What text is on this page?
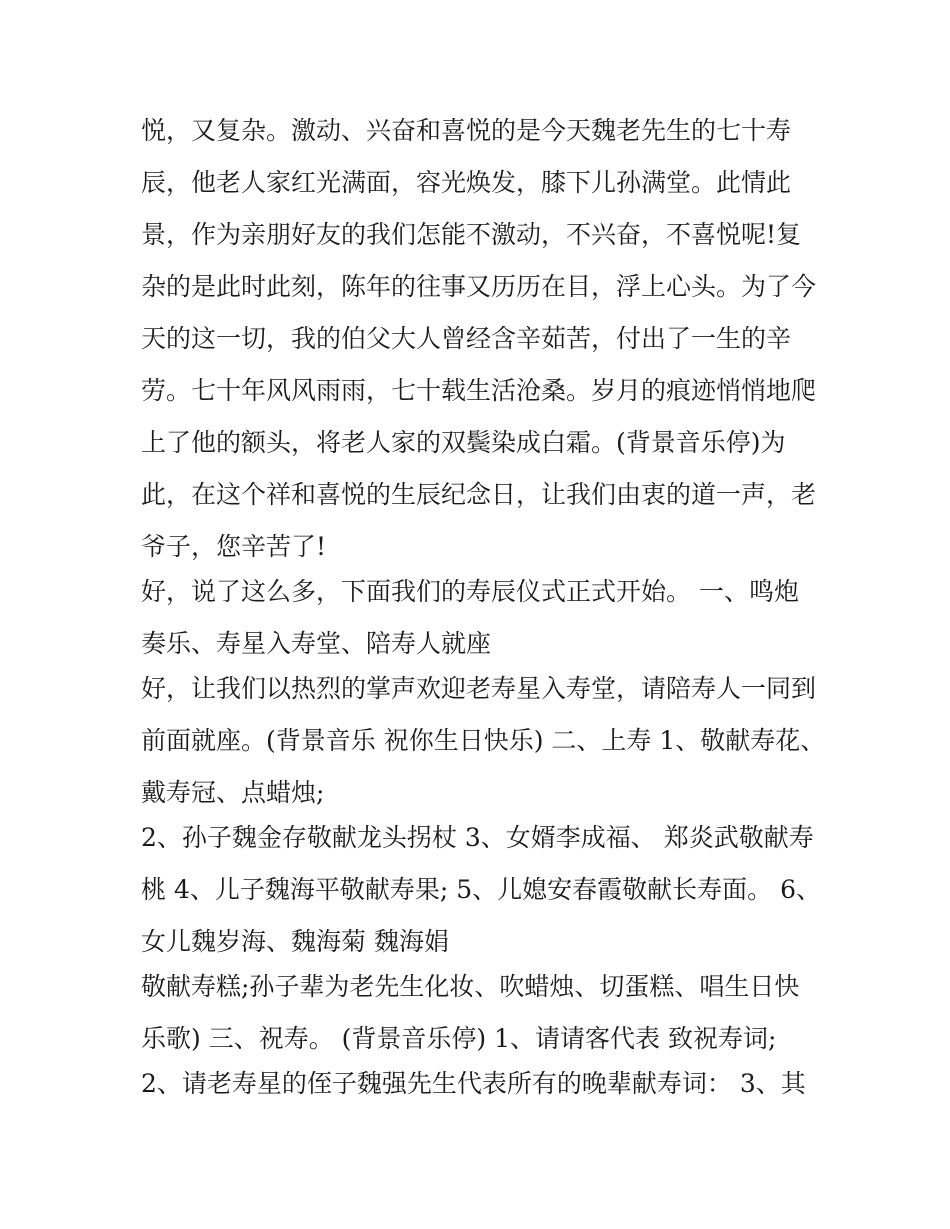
悦，又复杂。激动、兴奋和喜悦的是今天魏老先生的七十寿
辰，他老人家红光满面，容光焕发，膝下儿孙满堂。此情此
景，作为亲朋好友的我们怎能不激动，不兴奋，不喜悦呢!复
杂的是此时此刻，陈年的往事又历历在目，浮上心头。为了今
天的这一切，我的伯父大人曾经含辛茹苦，付出了一生的辛
劳。七十年风风雨雨，七十载生活沧桑。岁月的痕迹悄悄地爬
上了他的额头，将老人家的双鬓染成白霜。(背景音乐停)为
此，在这个祥和喜悦的生辰纪念日，让我们由衷的道一声，老
爷子，您辛苦了!
好，说了这么多，下面我们的寿辰仪式正式开始。 一、鸣炮
奏乐、寿星入寿堂、陪寿人就座
好，让我们以热烈的掌声欢迎老寿星入寿堂，请陪寿人一同到
前面就座。(背景音乐 祝你生日快乐) 二、上寿 1、敬献寿花、
戴寿冠、点蜡烛;
2、孙子魏金存敬献龙头拐杖 3、女婿李成福、 郑炎武敬献寿
桃 4、儿子魏海平敬献寿果; 5、儿媳安春霞敬献长寿面。 6、
女儿魏岁海、魏海菊 魏海娟
敬献寿糕;孙子辈为老先生化妆、吹蜡烛、切蛋糕、唱生日快
乐歌) 三、祝寿。 (背景音乐停) 1、请请客代表 致祝寿词;
2、请老寿星的侄子魏强先生代表所有的晚辈献寿词： 3、其
